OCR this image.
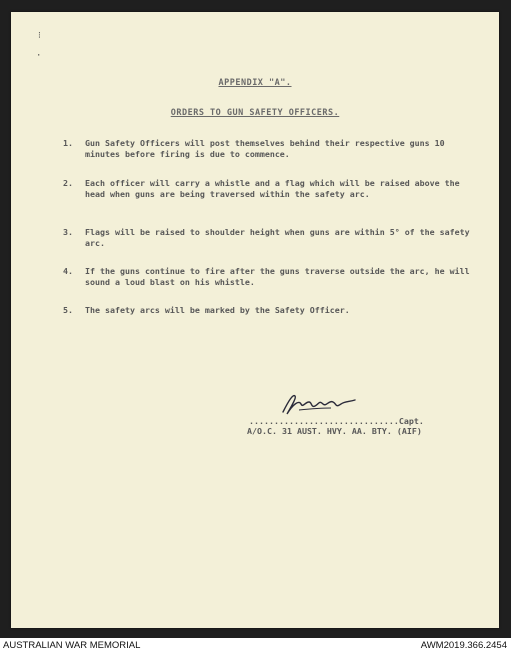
⁝
·
APPENDIX "A".
ORDERS TO GUN SAFETY OFFICERS.
1.	Gun Safety Officers will post themselves behind their respective guns 10 minutes before firing is due to commence.
2.	Each officer will carry a whistle and a flag which will be raised above the head when guns are being traversed within the safety arc.
3.	Flags will be raised to shoulder height when guns are within 5° of the safety arc.
4.	If the guns continue to fire after the guns traverse outside the arc, he will sound a loud blast on his whistle.
5.	The safety arcs will be marked by the Safety Officer.
..............................Capt.
A/O.C. 31 AUST. HVY. AA. BTY. (AIF)
AUSTRALIAN WAR MEMORIAL	AWM2019.366.2454
